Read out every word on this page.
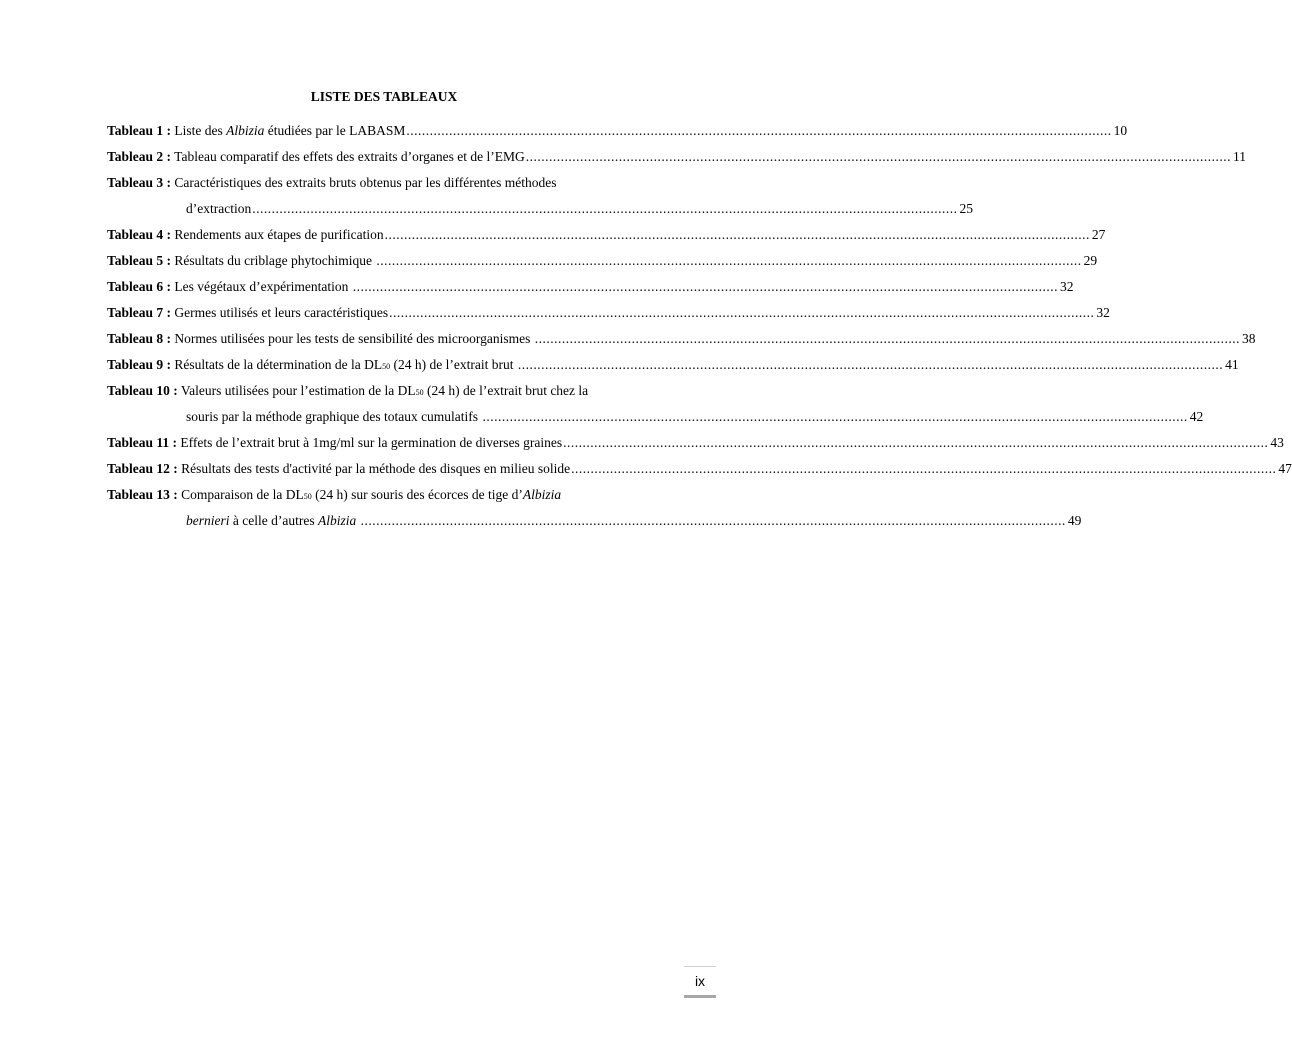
LISTE DES TABLEAUX
Tableau 1 : Liste des Albizia étudiées par le LABASM ...................................................................................................................................................................................... 10
Tableau 2 : Tableau comparatif des effets des extraits d’organes et de l’EMG ...................................................................................................................................................................................... 11
Tableau 3 : Caractéristiques des extraits bruts obtenus par les différentes méthodes
d’extraction ...................................................................................................................................................................................... 25
Tableau 4 : Rendements aux étapes de purification ...................................................................................................................................................................................... 27
Tableau 5 : Résultats du criblage phytochimique ...................................................................................................................................................................................... 29
Tableau 6 : Les végétaux d’expérimentation ...................................................................................................................................................................................... 32
Tableau 7 : Germes utilisés et leurs caractéristiques ...................................................................................................................................................................................... 32
Tableau 8 : Normes utilisées pour les tests de sensibilité des microorganismes ...................................................................................................................................................................................... 38
Tableau 9 : Résultats de la détermination de la DL 50 (24 h) de l’extrait brut ...................................................................................................................................................................................... 41
Tableau 10 : Valeurs utilisées pour l’estimation de la DL 50 (24 h) de l’extrait brut chez la
souris par la méthode graphique des totaux cumulatifs ...................................................................................................................................................................................... 42
Tableau 11 : Effets de l’extrait brut à 1mg/ml sur la germination de diverses graines ...................................................................................................................................................................................... 43
Tableau 12 : Résultats des tests d'activité par la méthode des disques en milieu solide ...................................................................................................................................................................................... 47
Tableau 13 : Comparaison de la DL 50 (24 h) sur souris des écorces de tige d’ Albizia
bernieri à celle d’autres Albizia
...................................................................................................................................................................................... 49
ix
